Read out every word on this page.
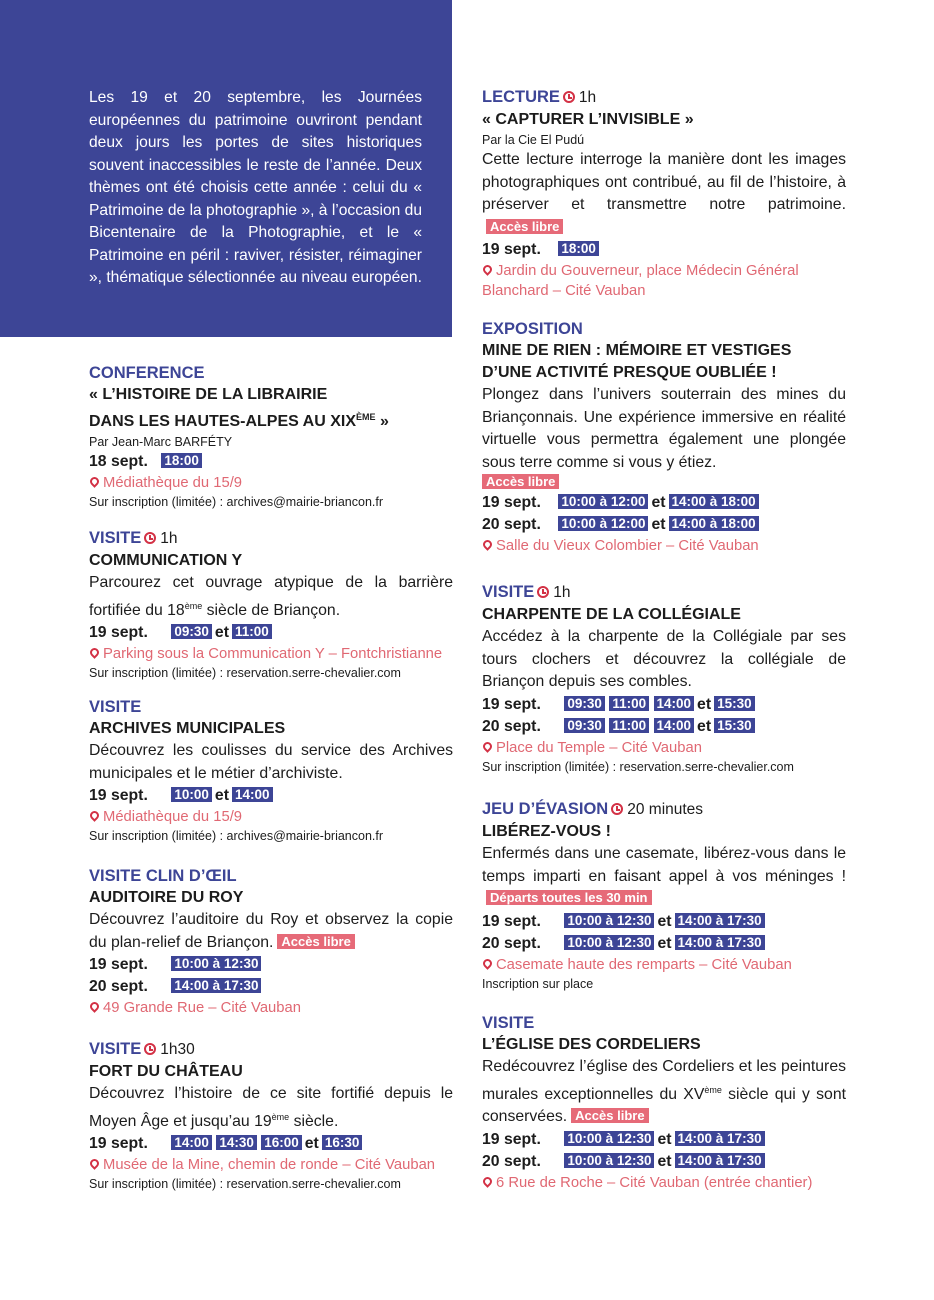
Les 19 et 20 septembre, les Journées européennes du patrimoine ouvriront pendant deux jours les portes de sites historiques souvent inaccessibles le reste de l’année. Deux thèmes ont été choisis cette année : celui du « Patrimoine de la photographie », à l’occasion du Bicentenaire de la Photographie, et le « Patrimoine en péril : raviver, résister, réimaginer », thématique sélectionnée au niveau européen.

CONFERENCE
« L’HISTOIRE DE LA LIBRAIRIE
DANS LES HAUTES-ALPES AU XIXÈME »
Par Jean-Marc BARFÉTY
18 sept. 18:00
Médiathèque du 15/9
Sur inscription (limitée) : archives@mairie-briancon.fr
VISITE 1h
COMMUNICATION Y
Parcourez cet ouvrage atypique de la barrière fortifiée du 18ème siècle de Briançon.
19 sept. 09:30 et 11:00
Parking sous la Communication Y – Fontchristianne
Sur inscription (limitée) : reservation.serre-chevalier.com
VISITE
ARCHIVES MUNICIPALES
Découvrez les coulisses du service des Archives municipales et le métier d’archiviste.
19 sept. 10:00 et 14:00
Médiathèque du 15/9
Sur inscription (limitée) : archives@mairie-briancon.fr
VISITE CLIN D’ŒIL
AUDITOIRE DU ROY
Découvrez l’auditoire du Roy et observez la copie du plan-relief de Briançon. Accès libre
19 sept. 10:00 à 12:30
20 sept. 14:00 à 17:30
49 Grande Rue – Cité Vauban
VISITE 1h30
FORT DU CHÂTEAU
Découvrez l’histoire de ce site fortifié depuis le Moyen Âge et jusqu’au 19ème siècle.
19 sept. 14:00 14:30 16:00 et 16:30
Musée de la Mine, chemin de ronde – Cité Vauban
Sur inscription (limitée) : reservation.serre-chevalier.com
LECTURE 1h
« CAPTURER L’INVISIBLE »
Par la Cie El Pudú
Cette lecture interroge la manière dont les images photographiques ont contribué, au fil de l’histoire, à préserver et transmettre notre patrimoine.Accès libre
19 sept. 18:00
Jardin du Gouverneur, place Médecin Général Blanchard – Cité Vauban
EXPOSITION
MINE DE RIEN : MÉMOIRE ET VESTIGES
D’UNE ACTIVITÉ PRESQUE OUBLIÉE !
Plongez dans l’univers souterrain des mines du Briançonnais. Une expérience immersive en réalité virtuelle vous permettra également une plongée sous terre comme si vous y étiez.
Accès libre
19 sept. 10:00 à 12:00 et 14:00 à 18:00
20 sept. 10:00 à 12:00 et 14:00 à 18:00
Salle du Vieux Colombier – Cité Vauban
VISITE 1h
CHARPENTE DE LA COLLÉGIALE
Accédez à la charpente de la Collégiale par ses tours clochers et découvrez la collégiale de Briançon depuis ses combles.
19 sept. 09:30 11:00 14:00 et 15:30
20 sept. 09:30 11:00 14:00 et 15:30
Place du Temple – Cité Vauban
Sur inscription (limitée) : reservation.serre-chevalier.com
JEU D’ÉVASION 20 minutes
LIBÉREZ-VOUS !
Enfermés dans une casemate, libérez-vous dans le temps imparti en faisant appel à vos méninges !Départs toutes les 30 min
19 sept. 10:00 à 12:30 et 14:00 à 17:30
20 sept. 10:00 à 12:30 et 14:00 à 17:30
Casemate haute des remparts – Cité Vauban
Inscription sur place
VISITE
L’ÉGLISE DES CORDELIERS
Redécouvrez l’église des Cordeliers et les peintures murales exceptionnelles du XVème siècle qui y sont conservées. Accès libre
19 sept. 10:00 à 12:30 et 14:00 à 17:30
20 sept. 10:00 à 12:30 et 14:00 à 17:30
6 Rue de Roche – Cité Vauban (entrée chantier)
